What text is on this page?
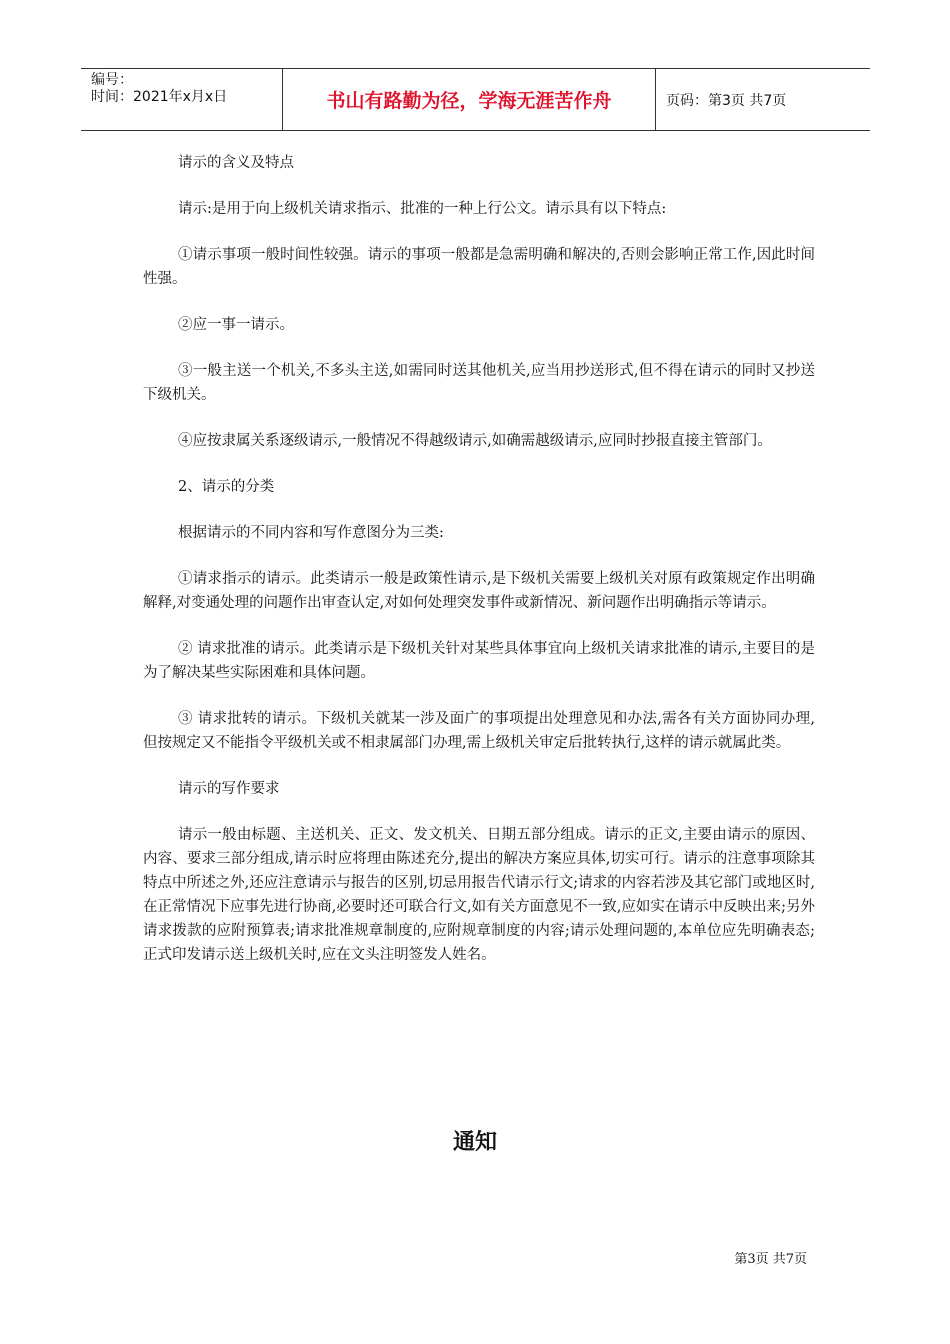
编号：
时间：2021年x月x日	书山有路勤为径，学海无涯苦作舟	页码：第3页 共7页

请示的含义及特点

请示:是用于向上级机关请求指示、批准的一种上行公文。请示具有以下特点:

①请示事项一般时间性较强。请示的事项一般都是急需明确和解决的,否则会影响正常工作,因此时间性强。

②应一事一请示。

③一般主送一个机关,不多头主送,如需同时送其他机关,应当用抄送形式,但不得在请示的同时又抄送下级机关。

④应按隶属关系逐级请示,一般情况不得越级请示,如确需越级请示,应同时抄报直接主管部门。

2、请示的分类

根据请示的不同内容和写作意图分为三类:

①请求指示的请示。此类请示一般是政策性请示,是下级机关需要上级机关对原有政策规定作出明确解释,对变通处理的问题作出审查认定,对如何处理突发事件或新情况、新问题作出明确指示等请示。

② 请求批准的请示。此类请示是下级机关针对某些具体事宜向上级机关请求批准的请示,主要目的是为了解决某些实际困难和具体问题。

③ 请求批转的请示。下级机关就某一涉及面广的事项提出处理意见和办法,需各有关方面协同办理,但按规定又不能指令平级机关或不相隶属部门办理,需上级机关审定后批转执行,这样的请示就属此类。

请示的写作要求

请示一般由标题、主送机关、正文、发文机关、日期五部分组成。请示的正文,主要由请示的原因、内容、要求三部分组成,请示时应将理由陈述充分,提出的解决方案应具体,切实可行。请示的注意事项除其特点中所述之外,还应注意请示与报告的区别,切忌用报告代请示行文;请求的内容若涉及其它部门或地区时,在正常情况下应事先进行协商,必要时还可联合行文,如有关方面意见不一致,应如实在请示中反映出来;另外请求拨款的应附预算表;请求批准规章制度的,应附规章制度的内容;请示处理问题的,本单位应先明确表态;正式印发请示送上级机关时,应在文头注明签发人姓名。

通知
第3页 共7页
